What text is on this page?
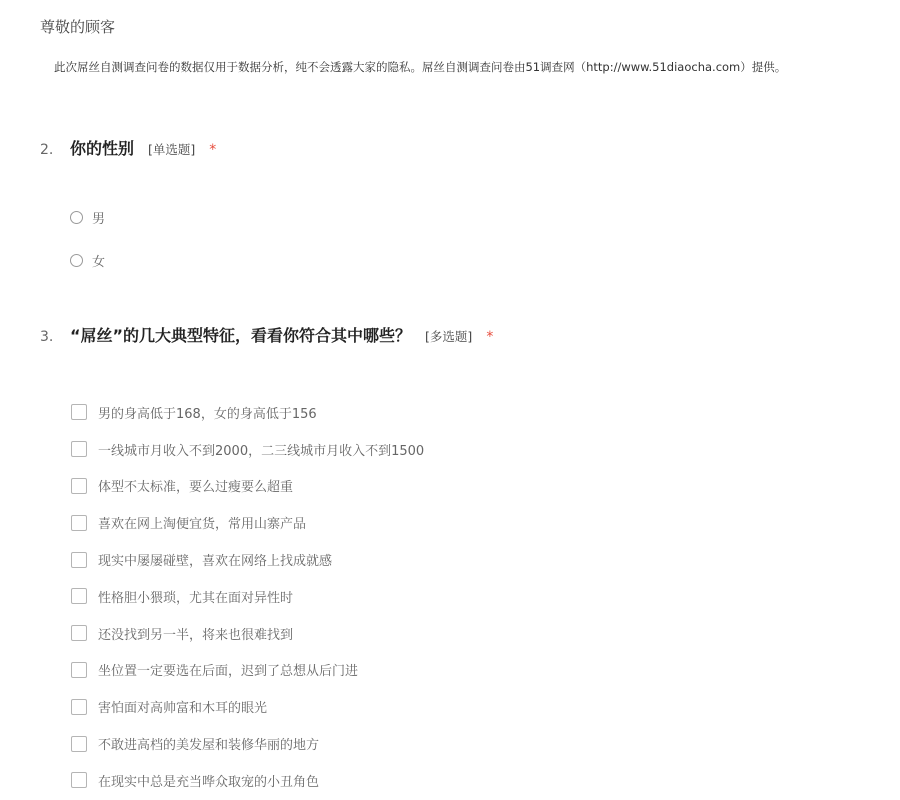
尊敬的顾客
此次屌丝自测调查问卷的数据仅用于数据分析，纯不会透露大家的隐私。屌丝自测调查问卷由51调查网（http://www.51diaocha.com）提供。
2.	你的性别 [单选题] *
男
女
3.	“屌丝”的几大典型特征，看看你符合其中哪些？ [多选题] *
男的身高低于168，女的身高低于156
一线城市月收入不到2000，二三线城市月收入不到1500
体型不太标准，要么过瘦要么超重
喜欢在网上淘便宜货，常用山寨产品
现实中屡屡碰壁，喜欢在网络上找成就感
性格胆小猥琐，尤其在面对异性时
还没找到另一半，将来也很难找到
坐位置一定要选在后面，迟到了总想从后门进
害怕面对高帅富和木耳的眼光
不敢进高档的美发屋和装修华丽的地方
在现实中总是充当哗众取宠的小丑角色
